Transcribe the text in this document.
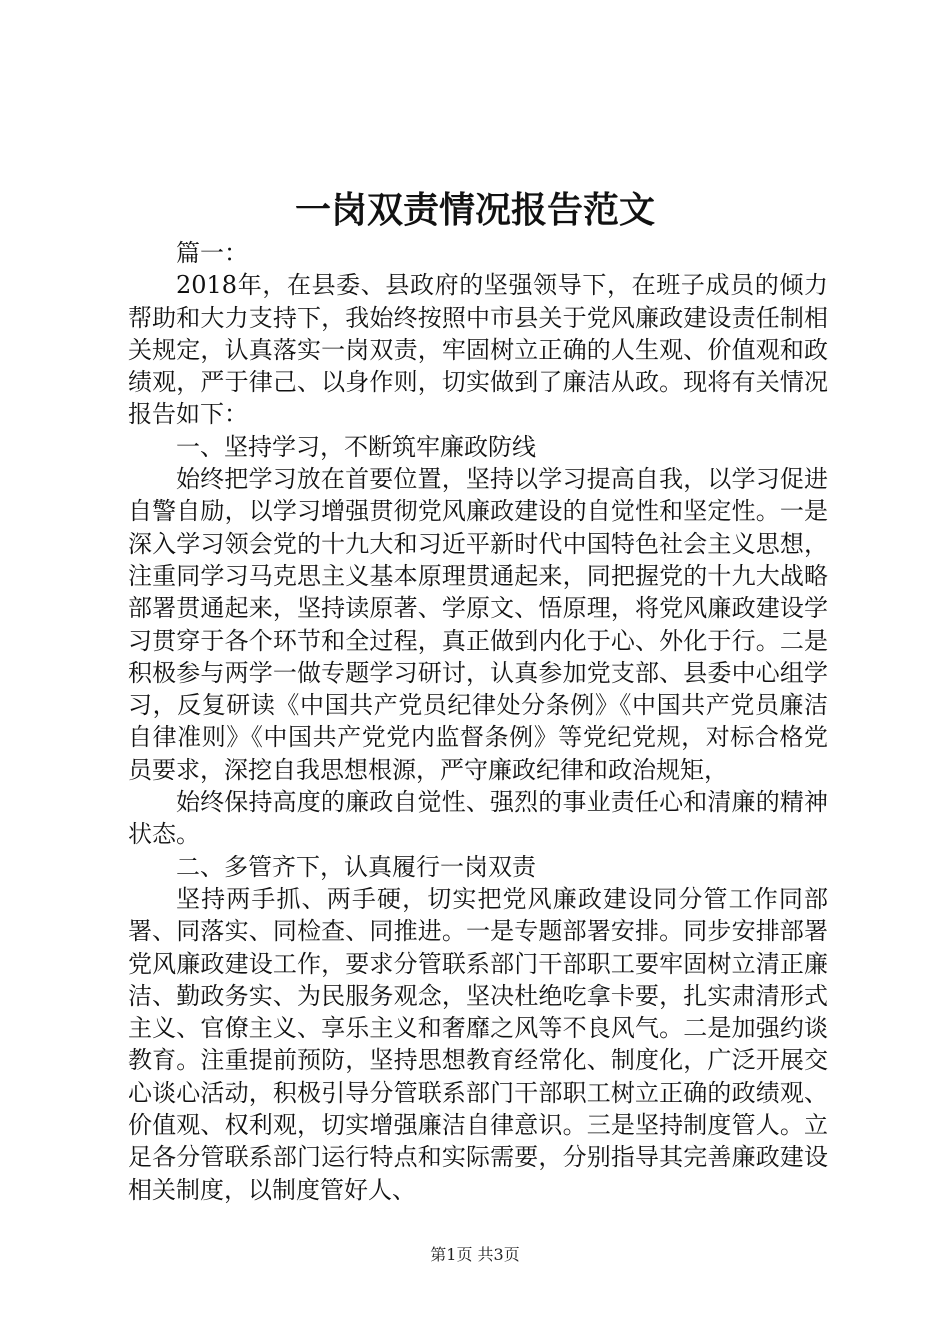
一岗双责情况报告范文

篇一：

2018年，在县委、县政府的坚强领导下，在班子成员的倾力帮助和大力支持下，我始终按照中市县关于党风廉政建设责任制相关规定，认真落实一岗双责，牢固树立正确的人生观、价值观和政绩观，严于律己、以身作则，切实做到了廉洁从政。现将有关情况报告如下：

一、坚持学习，不断筑牢廉政防线

始终把学习放在首要位置，坚持以学习提高自我，以学习促进自警自励，以学习增强贯彻党风廉政建设的自觉性和坚定性。一是深入学习领会党的十九大和习近平新时代中国特色社会主义思想，注重同学习马克思主义基本原理贯通起来，同把握党的十九大战略部署贯通起来，坚持读原著、学原文、悟原理，将党风廉政建设学习贯穿于各个环节和全过程，真正做到内化于心、外化于行。二是积极参与两学一做专题学习研讨，认真参加党支部、县委中心组学习，反复研读《中国共产党员纪律处分条例》《中国共产党员廉洁自律准则》《中国共产党党内监督条例》等党纪党规，对标合格党员要求，深挖自我思想根源，严守廉政纪律和政治规矩，

始终保持高度的廉政自觉性、强烈的事业责任心和清廉的精神状态。

二、多管齐下，认真履行一岗双责

坚持两手抓、两手硬，切实把党风廉政建设同分管工作同部署、同落实、同检查、同推进。一是专题部署安排。同步安排部署党风廉政建设工作，要求分管联系部门干部职工要牢固树立清正廉洁、勤政务实、为民服务观念，坚决杜绝吃拿卡要，扎实肃清形式主义、官僚主义、享乐主义和奢靡之风等不良风气。二是加强约谈教育。注重提前预防，坚持思想教育经常化、制度化，广泛开展交心谈心活动，积极引导分管联系部门干部职工树立正确的政绩观、价值观、权利观，切实增强廉洁自律意识。三是坚持制度管人。立足各分管联系部门运行特点和实际需要，分别指导其完善廉政建设相关制度，以制度管好人、

第1页 共3页
